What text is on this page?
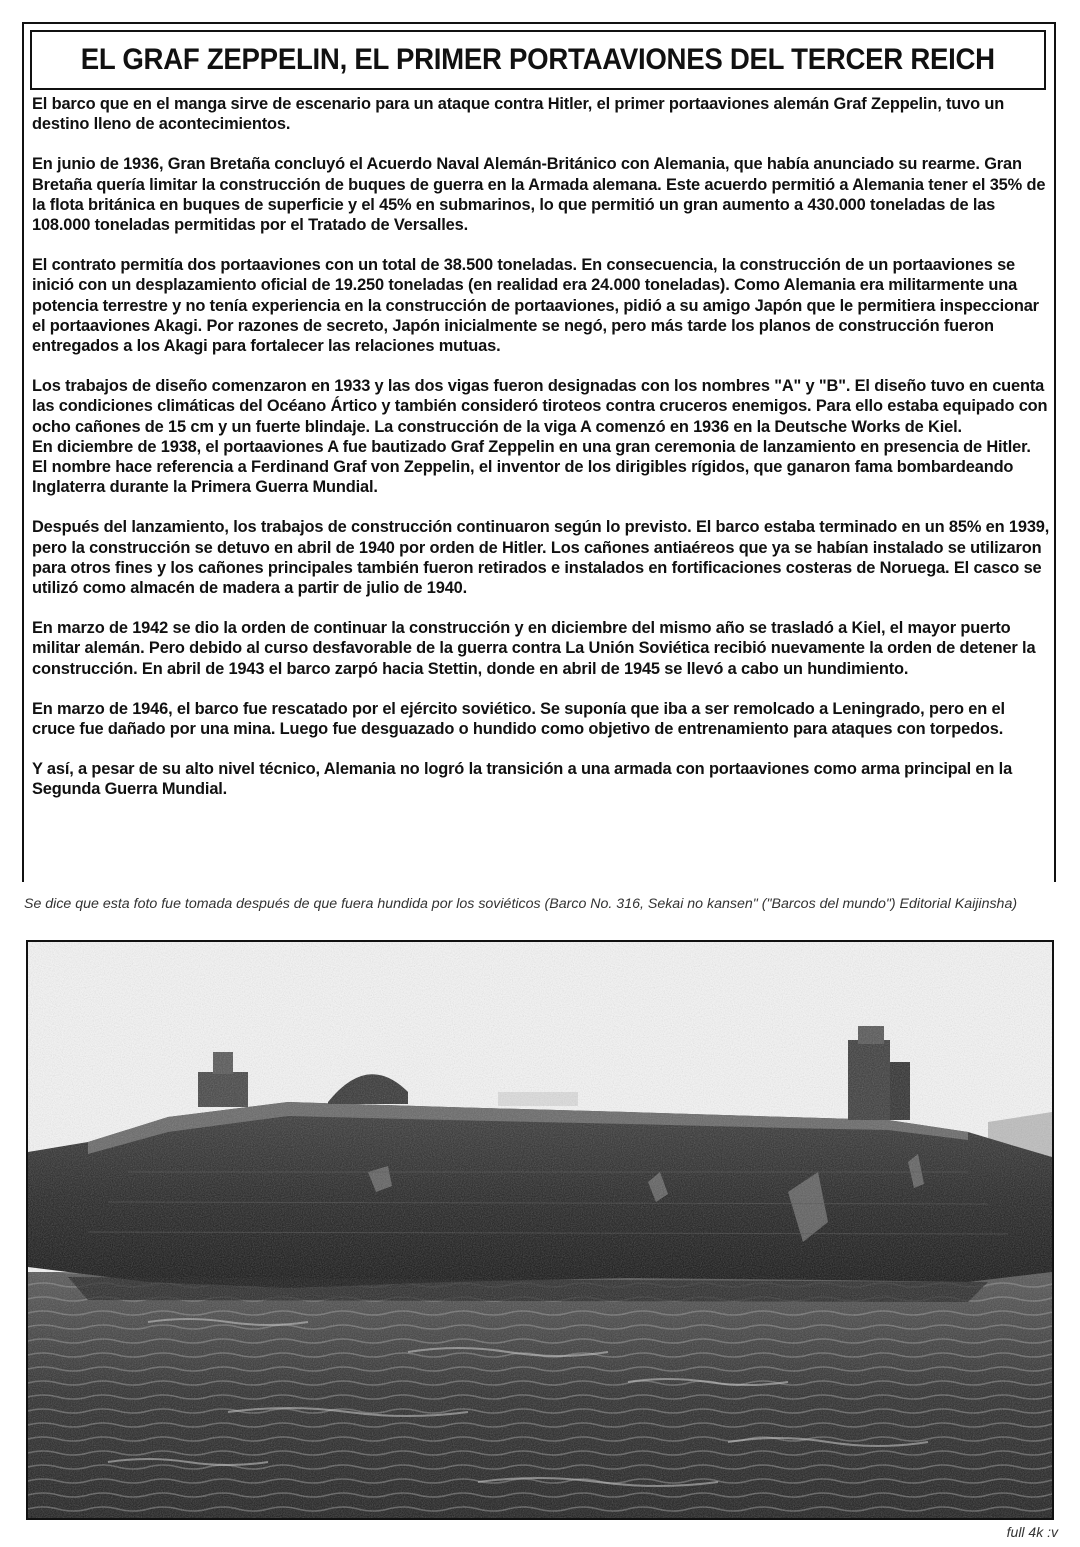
EL GRAF ZEPPELIN, EL PRIMER PORTAAVIONES DEL TERCER REICH

El barco que en el manga sirve de escenario para un ataque contra Hitler, el primer portaaviones alemán Graf Zeppelin, tuvo un destino lleno de acontecimientos.

En junio de 1936, Gran Bretaña concluyó el Acuerdo Naval Alemán-Británico con Alemania, que había anunciado su rearme. Gran Bretaña quería limitar la construcción de buques de guerra en la Armada alemana. Este acuerdo permitió a Alemania tener el 35% de la flota británica en buques de superficie y el 45% en submarinos, lo que permitió un gran aumento a 430.000 toneladas de las 108.000 toneladas permitidas por el Tratado de Versalles.

El contrato permitía dos portaaviones con un total de 38.500 toneladas. En consecuencia, la construcción de un portaaviones se inició con un desplazamiento oficial de 19.250 toneladas (en realidad era 24.000 toneladas). Como Alemania era militarmente una potencia terrestre y no tenía experiencia en la construcción de portaaviones, pidió a su amigo Japón que le permitiera inspeccionar el portaaviones Akagi. Por razones de secreto, Japón inicialmente se negó, pero más tarde los planos de construcción fueron entregados a los Akagi para fortalecer las relaciones mutuas.

Los trabajos de diseño comenzaron en 1933 y las dos vigas fueron designadas con los nombres "A" y "B". El diseño tuvo en cuenta las condiciones climáticas del Océano Ártico y también consideró tiroteos contra cruceros enemigos. Para ello estaba equipado con ocho cañones de 15 cm y un fuerte blindaje. La construcción de la viga A comenzó en 1936 en la Deutsche Works de Kiel.

En diciembre de 1938, el portaaviones A fue bautizado Graf Zeppelin en una gran ceremonia de lanzamiento en presencia de Hitler. El nombre hace referencia a Ferdinand Graf von Zeppelin, el inventor de los dirigibles rígidos, que ganaron fama bombardeando Inglaterra durante la Primera Guerra Mundial.

Después del lanzamiento, los trabajos de construcción continuaron según lo previsto. El barco estaba terminado en un 85% en 1939, pero la construcción se detuvo en abril de 1940 por orden de Hitler. Los cañones antiaéreos que ya se habían instalado se utilizaron para otros fines y los cañones principales también fueron retirados e instalados en fortificaciones costeras de Noruega. El casco se utilizó como almacén de madera a partir de julio de 1940.

En marzo de 1942 se dio la orden de continuar la construcción y en diciembre del mismo año se trasladó a Kiel, el mayor puerto militar alemán. Pero debido al curso desfavorable de la guerra contra La Unión Soviética recibió nuevamente la orden de detener la construcción. En abril de 1943 el barco zarpó hacia Stettin, donde en abril de 1945 se llevó a cabo un hundimiento.

En marzo de 1946, el barco fue rescatado por el ejército soviético. Se suponía que iba a ser remolcado a Leningrado, pero en el cruce fue dañado por una mina. Luego fue desguazado o hundido como objetivo de entrenamiento para ataques con torpedos.

Y así, a pesar de su alto nivel técnico, Alemania no logró la transición a una armada con portaaviones como arma principal en la Segunda Guerra Mundial.

Se dice que esta foto fue tomada después de que fuera hundida por los soviéticos (Barco No. 316, Sekai no kansen" ("Barcos del mundo") Editorial Kaijinsha)
full 4k :v
